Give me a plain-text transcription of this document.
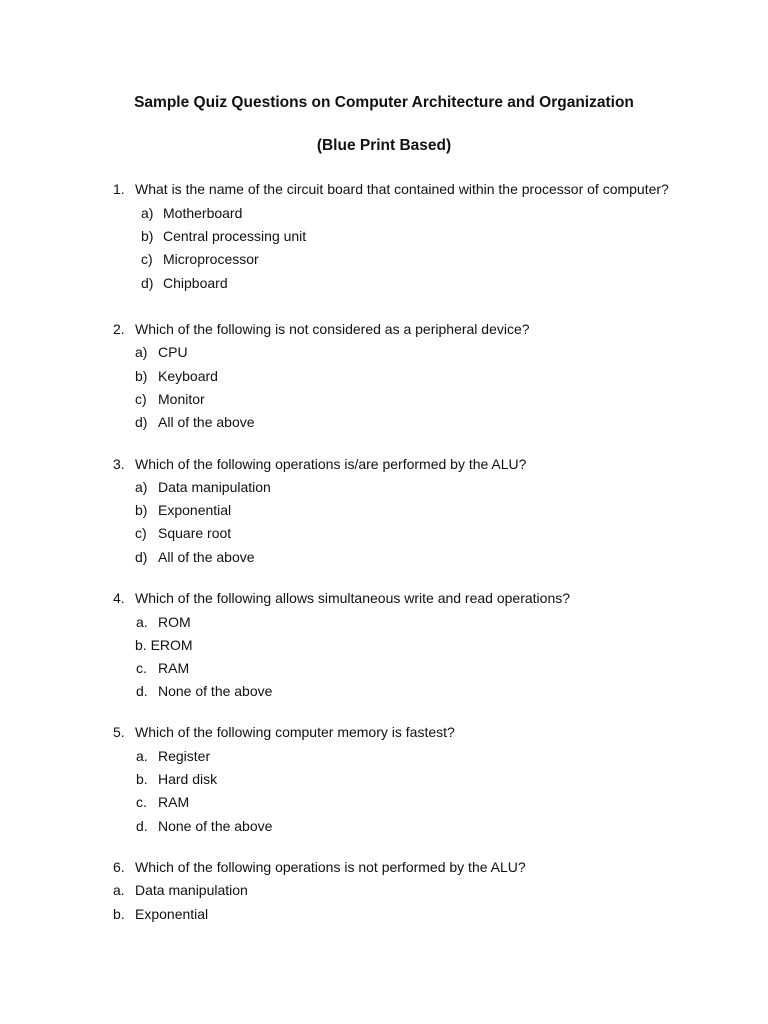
Sample Quiz Questions on Computer Architecture and Organization
(Blue Print Based)
1. What is the name of the circuit board that contained within the processor of computer?
a) Motherboard
b) Central processing unit
c) Microprocessor
d) Chipboard
2. Which of the following is not considered as a peripheral device?
a) CPU
b) Keyboard
c) Monitor
d) All of the above
3. Which of the following operations is/are performed by the ALU?
a) Data manipulation
b) Exponential
c) Square root
d) All of the above
4. Which of the following allows simultaneous write and read operations?
a. ROM
b. EROM
c. RAM
d. None of the above
5. Which of the following computer memory is fastest?
a. Register
b. Hard disk
c. RAM
d. None of the above
6. Which of the following operations is not performed by the ALU?
a. Data manipulation
b. Exponential
